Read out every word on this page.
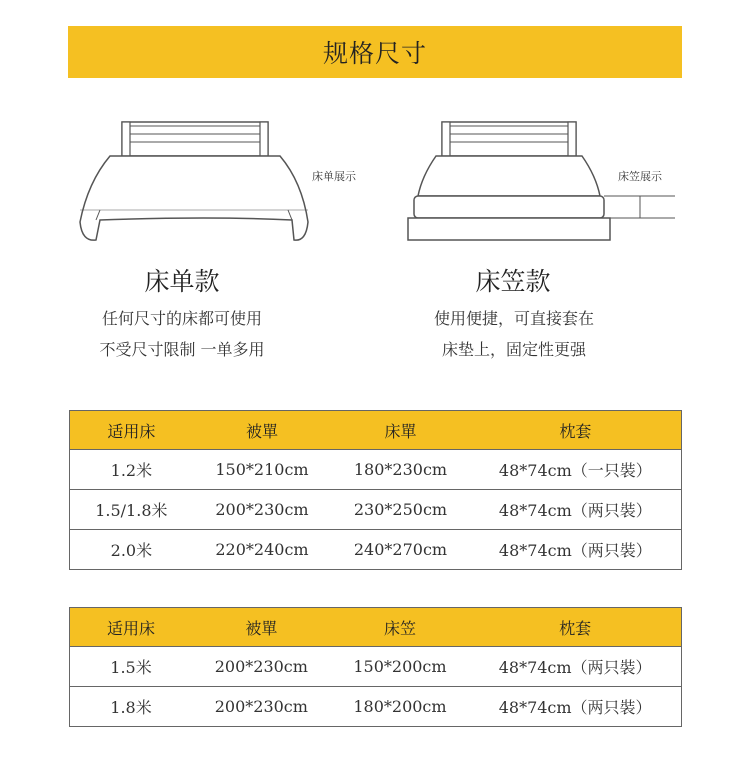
规格尺寸
床单展示	床笠展示
床单款	床笠款
任何尺寸的床都可使用
不受尺寸限制 一单多用
使用便捷，可直接套在
床垫上，固定性更强
适用床	被單	床單	枕套
1.2米	150*210cm	180*230cm	48*74cm（一只裝）
1.5/1.8米	200*230cm	230*250cm	48*74cm（两只裝）
2.0米	220*240cm	240*270cm	48*74cm（两只裝）
适用床	被單	床笠	枕套
1.5米	200*230cm	150*200cm	48*74cm（两只裝）
1.8米	200*230cm	180*200cm	48*74cm（两只裝）
